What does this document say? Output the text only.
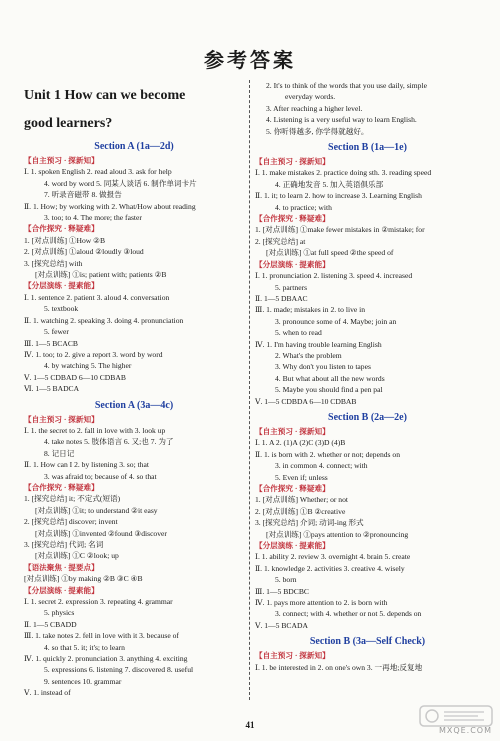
参考答案
Unit 1 How can we become
good learners?
Section A (1a—2d)
【自主预习 · 探新知】
Ⅰ. 1. spoken English 2. read aloud 3. ask for help
4. word by word 5. 同某人谈话 6. 制作单词卡片
7. 听录音磁带 8. 做报告
Ⅱ. 1. How; by working with 2. What/How about reading
3. too; to 4. The more; the faster
【合作探究 · 释疑难】
1. [对点训练] ①How ②B
2. [对点训练] ①aloud ②loudly ③loud
3. [探究总结] with
[对点训练] ①is; patient with; patients ②B
【分层演练 · 提素能】
Ⅰ. 1. sentence 2. patient 3. aloud 4. conversation
5. textbook
Ⅱ. 1. watching 2. speaking 3. doing 4. pronunciation
5. fewer
Ⅲ. 1—5 BCACB
Ⅳ. 1. too; to 2. give a report 3. word by word
4. by watching 5. The higher
Ⅴ. 1—5 CDBAD 6—10 CDBAB
Ⅵ. 1—5 BADCA
Section A (3a—4c)
【自主预习 · 探新知】
Ⅰ. 1. the secret to 2. fall in love with 3. look up
4. take notes 5. 肢体语言 6. 又;也 7. 为了
8. 记日记
Ⅱ. 1. How can I 2. by listening 3. so; that
3. was afraid to; because of 4. so that
【合作探究 · 释疑难】
1. [探究总结] it; 不定式(短语)
[对点训练] ①it; to understand ②it easy
2. [探究总结] discover; invent
[对点训练] ①invented ②found ③discover
3. [探究总结] 代词; 名词
[对点训练] ①C ②look; up
【语法聚焦 · 提要点】
[对点训练] ①by making ②B ③C ④B
【分层演练 · 提素能】
Ⅰ. 1. secret 2. expression 3. repeating 4. grammar
5. physics
Ⅱ. 1—5 CBADD
Ⅲ. 1. take notes 2. fell in love with it 3. because of
4. so that 5. it; it's; to learn
Ⅳ. 1. quickly 2. pronunciation 3. anything 4. exciting
5. expressions 6. listening 7. discovered 8. useful
9. sentences 10. grammar
Ⅴ. 1. instead of
2. It's to think of the words that you use daily, simple
everyday words.
3. After reaching a higher level.
4. Listening is a very useful way to learn English.
5. 你听得越多, 你学得就越好。
Section B (1a—1e)
【自主预习 · 探新知】
Ⅰ. 1. make mistakes 2. practice doing sth. 3. reading speed
4. 正确地发音 5. 加入英语俱乐部
Ⅱ. 1. it; to learn 2. how to increase 3. Learning English
4. to practice; with
【合作探究 · 释疑难】
1. [对点训练] ①make fewer mistakes in ②mistake; for
2. [探究总结] at
[对点训练] ①at full speed ②the speed of
【分层演练 · 提素能】
Ⅰ. 1. pronunciation 2. listening 3. speed 4. increased
5. partners
Ⅱ. 1—5 DBAAC
Ⅲ. 1. made; mistakes in 2. to live in
3. pronounce some of 4. Maybe; join an
5. when to read
Ⅳ. 1. I'm having trouble learning English
2. What's the problem
3. Why don't you listen to tapes
4. But what about all the new words
5. Maybe you should find a pen pal
Ⅴ. 1—5 CDBDA 6—10 CDBAB
Section B (2a—2e)
【自主预习 · 探新知】
Ⅰ. 1. A 2. (1)A (2)C (3)D (4)B
Ⅱ. 1. is born with 2. whether or not; depends on
3. in common 4. connect; with
5. Even if; unless
【合作探究 · 释疑难】
1. [对点训练] Whether; or not
2. [对点训练] ①B ②creative
3. [探究总结] 介词; 动词-ing 形式
[对点训练] ①pays attention to ②pronouncing
【分层演练 · 提素能】
Ⅰ. 1. ability 2. review 3. overnight 4. brain 5. create
Ⅱ. 1. knowledge 2. activities 3. creative 4. wisely
5. born
Ⅲ. 1—5 BDCBC
Ⅳ. 1. pays more attention to 2. is born with
3. connect; with 4. whether or not 5. depends on
Ⅴ. 1—5 BCADA
Section B (3a—Self Check)
【自主预习 · 探新知】
Ⅰ. 1. be interested in 2. on one's own 3. 一再地;反复地
41
MXQE.COM
